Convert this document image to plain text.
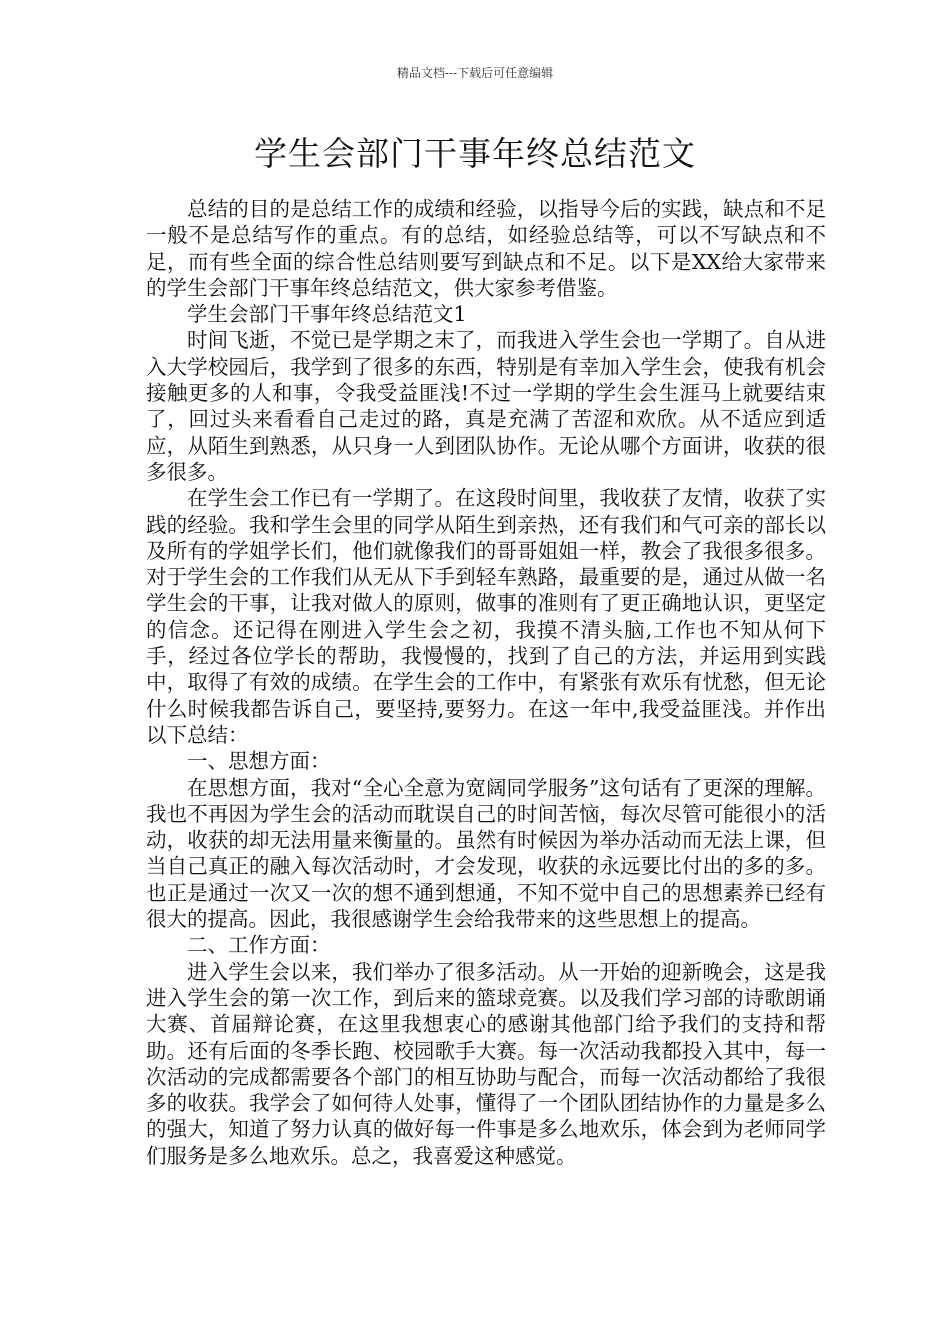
精品文档---下载后可任意编辑
学生会部门干事年终总结范文

总结的目的是总结工作的成绩和经验，以指导今后的实践，缺点和不足一般不是总结写作的重点。有的总结，如经验总结等，可以不写缺点和不足，而有些全面的综合性总结则要写到缺点和不足。以下是XX给大家带来的学生会部门干事年终总结范文，供大家参考借鉴。

学生会部门干事年终总结范文1

时间飞逝，不觉已是学期之末了，而我进入学生会也一学期了。自从进入大学校园后，我学到了很多的东西，特别是有幸加入学生会，使我有机会接触更多的人和事，令我受益匪浅!不过一学期的学生会生涯马上就要结束了，回过头来看看自己走过的路，真是充满了苦涩和欢欣。从不适应到适应，从陌生到熟悉，从只身一人到团队协作。无论从哪个方面讲，收获的很多很多。

在学生会工作已有一学期了。在这段时间里，我收获了友情，收获了实践的经验。我和学生会里的同学从陌生到亲热，还有我们和气可亲的部长以及所有的学姐学长们，他们就像我们的哥哥姐姐一样，教会了我很多很多。对于学生会的工作我们从无从下手到轻车熟路，最重要的是，通过从做一名学生会的干事，让我对做人的原则，做事的准则有了更正确地认识，更坚定的信念。还记得在刚进入学生会之初，我摸不清头脑,工作也不知从何下手，经过各位学长的帮助，我慢慢的，找到了自己的方法，并运用到实践中，取得了有效的成绩。在学生会的工作中，有紧张有欢乐有忧愁，但无论什么时候我都告诉自己，要坚持,要努力。在这一年中,我受益匪浅。并作出以下总结：

一、思想方面：

在思想方面，我对“全心全意为宽阔同学服务”这句话有了更深的理解。我也不再因为学生会的活动而耽误自己的时间苦恼，每次尽管可能很小的活动，收获的却无法用量来衡量的。虽然有时候因为举办活动而无法上课，但当自己真正的融入每次活动时，才会发现，收获的永远要比付出的多的多。也正是通过一次又一次的想不通到想通，不知不觉中自己的思想素养已经有很大的提高。因此，我很感谢学生会给我带来的这些思想上的提高。

二、工作方面：

进入学生会以来，我们举办了很多活动。从一开始的迎新晚会，这是我进入学生会的第一次工作，到后来的篮球竞赛。以及我们学习部的诗歌朗诵大赛、首届辩论赛，在这里我想衷心的感谢其他部门给予我们的支持和帮助。还有后面的冬季长跑、校园歌手大赛。每一次活动我都投入其中，每一次活动的完成都需要各个部门的相互协助与配合，而每一次活动都给了我很多的收获。我学会了如何待人处事，懂得了一个团队团结协作的力量是多么的强大，知道了努力认真的做好每一件事是多么地欢乐，体会到为老师同学们服务是多么地欢乐。总之，我喜爱这种感觉。
